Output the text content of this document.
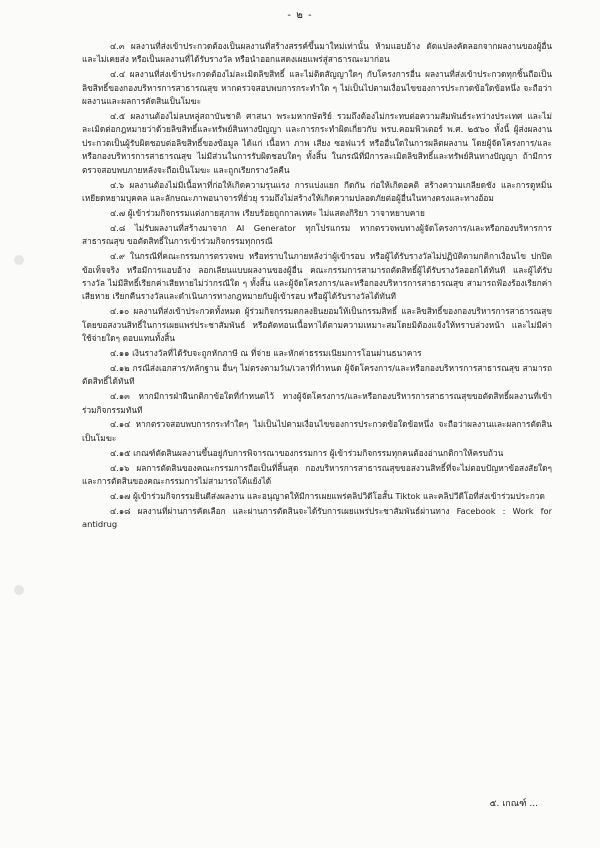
- ๒ -

๔.๓ ผลงานที่ส่งเข้าประกวดต้องเป็นผลงานที่สร้างสรรค์ขึ้นมาใหม่เท่านั้น ห้ามแอบอ้าง ดัดแปลงคัดลอกจากผลงานของผู้อื่นและไม่เคยส่ง หรือเป็นผลงานที่ได้รับรางวัล หรือนำออกแสดงเผยแพร่สู่สาธารณะมาก่อน

๔.๔ ผลงานที่ส่งเข้าประกวดต้องไม่ละเมิดลิขสิทธิ์ และไม่ติดสัญญาใดๆ กับโครงการอื่น ผลงานที่ส่งเข้าประกวดทุกชิ้นถือเป็นลิขสิทธิ์ของกองบริหารการสาธารณสุข หากตรวจสอบพบการกระทำใด ๆ ไม่เป็นไปตามเงื่อนไขของการประกวดข้อใดข้อหนึ่ง จะถือว่าผลงานและผลการตัดสินเป็นโมฆะ

๔.๕ ผลงานต้องไม่ลบหลู่สถาบันชาติ ศาสนา พระมหากษัตริย์ รวมถึงต้องไม่กระทบต่อความสัมพันธ์ระหว่างประเทศ และไม่ละเมิดต่อกฎหมายว่าด้วยลิขสิทธิ์และทรัพย์สินทางปัญญา และการกระทำผิดเกี่ยวกับ พรบ.คอมพิวเตอร์ พ.ศ. ๒๕๖๐ ทั้งนี้ ผู้ส่งผลงานประกวดเป็นผู้รับผิดชอบต่อลิขสิทธิ์ของข้อมูล ได้แก่ เนื้อหา ภาพ เสียง ซอฟแวร์ หรืออื่นใดในการผลิตผลงาน โดยผู้จัดโครงการ/และหรือกองบริหารการสาธารณสุข ไม่มีส่วนในการรับผิดชอบใดๆ ทั้งสิ้น ในกรณีที่มีการละเมิดลิขสิทธิ์และทรัพย์สินทางปัญญา ถ้ามีการตรวจสอบพบภายหลังจะถือเป็นโมฆะ และถูกเรียกรางวัลคืน

๔.๖ ผลงานต้องไม่มีเนื้อหาที่ก่อให้เกิดความรุนแรง การแบ่งแยก กีดกัน ก่อให้เกิดอคติ สร้างความเกลียดชัง และการดูหมิ่นเหยียดหยามบุคคล และลักษณะภาพอนาจารที่ยั่วยุ รวมถึงไม่สร้างให้เกิดความปลอดภัยต่อผู้อื่นในทางตรงและทางอ้อม

๔.๗ ผู้เข้าร่วมกิจกรรมแต่งกายสุภาพ เรียบร้อยถูกกาลเทศะ ไม่แสดงกิริยา วาจาหยาบคาย

๔.๘ ไม่รับผลงานที่สร้างมาจาก AI Generator ทุกโปรแกรม หากตรวจพบทางผู้จัดโครงการ/และหรือกองบริหารการสาธารณสุข ขอตัดสิทธิ์ในการเข้าร่วมกิจกรรมทุกกรณี

๔.๙ ในกรณีที่คณะกรรมการตรวจพบ หรือทราบในภายหลังว่าผู้เข้ารอบ หรือผู้ได้รับรางวัลไม่ปฏิบัติตามกติกาเงื่อนไข ปกปิด ข้อเท็จจริง หรือมีการแอบอ้าง ลอกเลียนแบบผลงานของผู้อื่น คณะกรรมการสามารถตัดสิทธิ์ผู้ได้รับรางวัลออกได้ทันที และผู้ได้รับรางวัล ไม่มีสิทธิ์เรียกค่าเสียหายไม่ว่ากรณีใด ๆ ทั้งสิ้น และผู้จัดโครงการ/และหรือกองบริหารการสาธารณสุข สามารถฟ้องร้องเรียกค่าเสียหาย เรียกคืนรางวัลและดำเนินการทางกฎหมายกับผู้เข้ารอบ หรือผู้ได้รับรางวัลได้ทันที

๔.๑๐ ผลงานที่ส่งเข้าประกวดทั้งหมด ผู้ร่วมกิจกรรมตกลงยินยอมให้เป็นกรรมสิทธิ์ และลิขสิทธิ์ของกองบริหารการสาธารณสุข โดยขอสงวนสิทธิ์ในการเผยแพร่ประชาสัมพันธ์ หรือตัดทอนเนื้อหาได้ตามความเหมาะสมโดยมิต้องแจ้งให้ทราบล่วงหน้า และไม่มีค่าใช้จ่ายใดๆ ตอบแทนทั้งสิ้น

๔.๑๑ เงินรางวัลที่ได้รับจะถูกหักภาษี ณ ที่จ่าย และหักค่าธรรมเนียมการโอนผ่านธนาคาร

๔.๑๒ กรณีส่งเอกสาร/หลักฐาน อื่นๆ ไม่ตรงตามวัน/เวลาที่กำหนด ผู้จัดโครงการ/และหรือกองบริหารการสาธารณสุข สามารถตัดสิทธิ์ได้ทันที

๔.๑๓ หากมีการฝ่าฝืนกติกาข้อใดที่กำหนดไว้ ทางผู้จัดโครงการ/และหรือกองบริหารการสาธารณสุขขอตัดสิทธิ์ผลงานที่เข้าร่วมกิจกรรมทันที

๔.๑๔ หากตรวจสอบพบการกระทำใดๆ ไม่เป็นไปตามเงื่อนไขของการประกวดข้อใดข้อหนึ่ง จะถือว่าผลงานและผลการตัดสินเป็นโมฆะ

๔.๑๕ เกณฑ์ตัดสินผลงานขึ้นอยู่กับการพิจารณาของกรรมการ ผู้เข้าร่วมกิจกรรมทุกคนต้องอ่านกติกาให้ครบถ้วน

๔.๑๖ ผลการตัดสินของคณะกรรมการถือเป็นที่สิ้นสุด กองบริหารการสาธารณสุขขอสงวนสิทธิ์ที่จะไม่ตอบปัญหาข้อสงสัยใดๆ และการตัดสินของคณะกรรมการไม่สามารถโต้แย้งได้

๔.๑๗ ผู้เข้าร่วมกิจกรรมยินดีส่งผลงาน และอนุญาตให้มีการเผยแพร่คลิปวิดีโอสั้น Tiktok และคลิปวีดีโอที่ส่งเข้าร่วมประกวด

๔.๑๘ ผลงานที่ผ่านการคัดเลือก และผ่านการตัดสินจะได้รับการเผยแพร่ประชาสัมพันธ์ผ่านทาง Facebook : Work for antidrug

๕. เกณฑ์ ...
